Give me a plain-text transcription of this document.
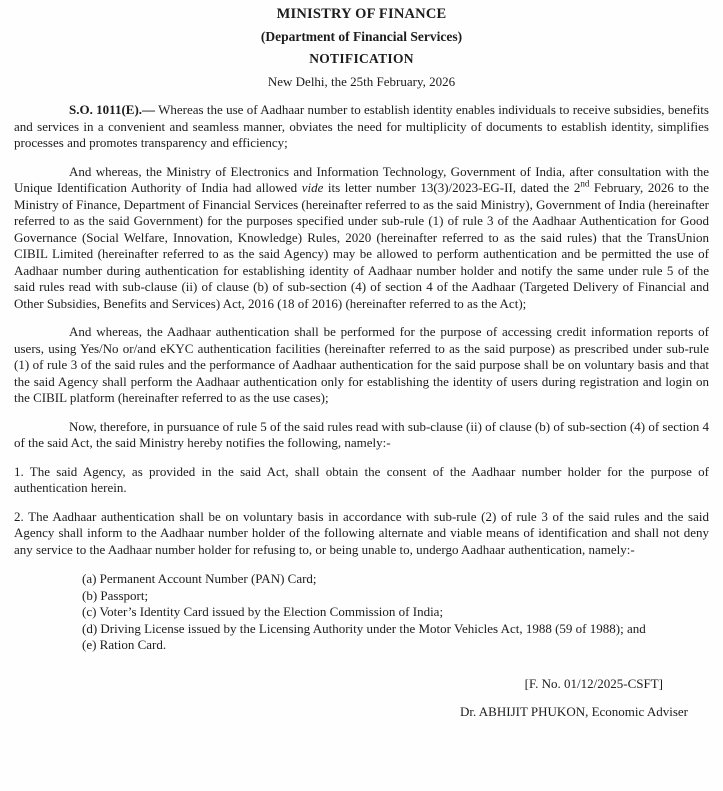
MINISTRY OF FINANCE
(Department of Financial Services)
NOTIFICATION
New Delhi, the 25th February, 2026

S.O. 1011(E).— Whereas the use of Aadhaar number to establish identity enables individuals to receive subsidies, benefits and services in a convenient and seamless manner, obviates the need for multiplicity of documents to establish identity, simplifies processes and promotes transparency and efficiency;

And whereas, the Ministry of Electronics and Information Technology, Government of India, after consultation with the Unique Identification Authority of India had allowed vide its letter number 13(3)/2023-EG-II, dated the 2nd February, 2026 to the Ministry of Finance, Department of Financial Services (hereinafter referred to as the said Ministry), Government of India (hereinafter referred to as the said Government) for the purposes specified under sub-rule (1) of rule 3 of the Aadhaar Authentication for Good Governance (Social Welfare, Innovation, Knowledge) Rules, 2020 (hereinafter referred to as the said rules) that the TransUnion CIBIL Limited (hereinafter referred to as the said Agency) may be allowed to perform authentication and be permitted the use of Aadhaar number during authentication for establishing identity of Aadhaar number holder and notify the same under rule 5 of the said rules read with sub-clause (ii) of clause (b) of sub-section (4) of section 4 of the Aadhaar (Targeted Delivery of Financial and Other Subsidies, Benefits and Services) Act, 2016 (18 of 2016) (hereinafter referred to as the Act);

And whereas, the Aadhaar authentication shall be performed for the purpose of accessing credit information reports of users, using Yes/No or/and eKYC authentication facilities (hereinafter referred to as the said purpose) as prescribed under sub-rule (1) of rule 3 of the said rules and the performance of Aadhaar authentication for the said purpose shall be on voluntary basis and that the said Agency shall perform the Aadhaar authentication only for establishing the identity of users during registration and login on the CIBIL platform (hereinafter referred to as the use cases);

Now, therefore, in pursuance of rule 5 of the said rules read with sub-clause (ii) of clause (b) of sub-section (4) of section 4 of the said Act, the said Ministry hereby notifies the following, namely:-

1. The said Agency, as provided in the said Act, shall obtain the consent of the Aadhaar number holder for the purpose of authentication herein.

2. The Aadhaar authentication shall be on voluntary basis in accordance with sub-rule (2) of rule 3 of the said rules and the said Agency shall inform to the Aadhaar number holder of the following alternate and viable means of identification and shall not deny any service to the Aadhaar number holder for refusing to, or being unable to, undergo Aadhaar authentication, namely:-

(a) Permanent Account Number (PAN) Card;
(b) Passport;
(c) Voter’s Identity Card issued by the Election Commission of India;
(d) Driving License issued by the Licensing Authority under the Motor Vehicles Act, 1988 (59 of 1988); and
(e) Ration Card.
[F. No. 01/12/2025-CSFT]
Dr. ABHIJIT PHUKON, Economic Adviser
